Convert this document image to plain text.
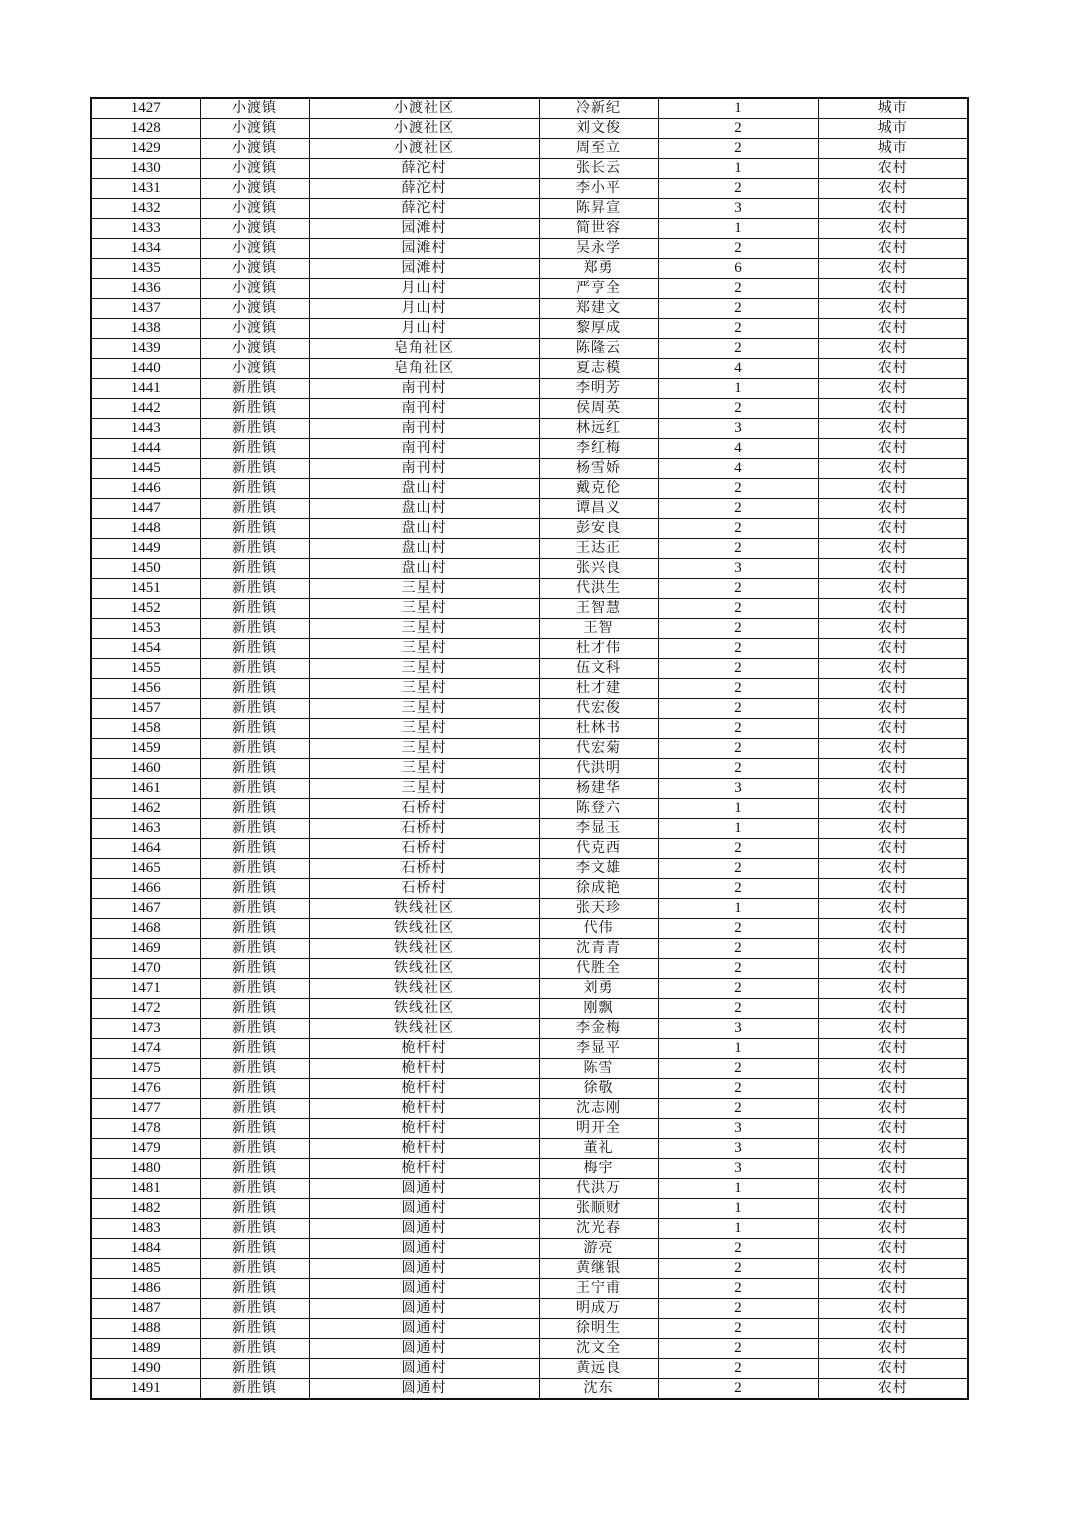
1427	小渡镇	小渡社区	冷新纪	1	城市
1428	小渡镇	小渡社区	刘文俊	2	城市
1429	小渡镇	小渡社区	周至立	2	城市
1430	小渡镇	薛沱村	张长云	1	农村
1431	小渡镇	薛沱村	李小平	2	农村
1432	小渡镇	薛沱村	陈昇宣	3	农村
1433	小渡镇	园滩村	简世容	1	农村
1434	小渡镇	园滩村	吴永学	2	农村
1435	小渡镇	园滩村	郑勇	6	农村
1436	小渡镇	月山村	严亨全	2	农村
1437	小渡镇	月山村	郑建文	2	农村
1438	小渡镇	月山村	黎厚成	2	农村
1439	小渡镇	皂角社区	陈隆云	2	农村
1440	小渡镇	皂角社区	夏志模	4	农村
1441	新胜镇	南刊村	李明芳	1	农村
1442	新胜镇	南刊村	侯周英	2	农村
1443	新胜镇	南刊村	林远红	3	农村
1444	新胜镇	南刊村	李红梅	4	农村
1445	新胜镇	南刊村	杨雪娇	4	农村
1446	新胜镇	盘山村	戴克伦	2	农村
1447	新胜镇	盘山村	谭昌义	2	农村
1448	新胜镇	盘山村	彭安良	2	农村
1449	新胜镇	盘山村	王达正	2	农村
1450	新胜镇	盘山村	张兴良	3	农村
1451	新胜镇	三星村	代洪生	2	农村
1452	新胜镇	三星村	王智慧	2	农村
1453	新胜镇	三星村	王智	2	农村
1454	新胜镇	三星村	杜才伟	2	农村
1455	新胜镇	三星村	伍文科	2	农村
1456	新胜镇	三星村	杜才建	2	农村
1457	新胜镇	三星村	代宏俊	2	农村
1458	新胜镇	三星村	杜林书	2	农村
1459	新胜镇	三星村	代宏菊	2	农村
1460	新胜镇	三星村	代洪明	2	农村
1461	新胜镇	三星村	杨建华	3	农村
1462	新胜镇	石桥村	陈登六	1	农村
1463	新胜镇	石桥村	李显玉	1	农村
1464	新胜镇	石桥村	代克西	2	农村
1465	新胜镇	石桥村	李文雄	2	农村
1466	新胜镇	石桥村	徐成艳	2	农村
1467	新胜镇	铁线社区	张天珍	1	农村
1468	新胜镇	铁线社区	代伟	2	农村
1469	新胜镇	铁线社区	沈青青	2	农村
1470	新胜镇	铁线社区	代胜全	2	农村
1471	新胜镇	铁线社区	刘勇	2	农村
1472	新胜镇	铁线社区	刚飘	2	农村
1473	新胜镇	铁线社区	李金梅	3	农村
1474	新胜镇	桅杆村	李显平	1	农村
1475	新胜镇	桅杆村	陈雪	2	农村
1476	新胜镇	桅杆村	徐敬	2	农村
1477	新胜镇	桅杆村	沈志刚	2	农村
1478	新胜镇	桅杆村	明开全	3	农村
1479	新胜镇	桅杆村	董礼	3	农村
1480	新胜镇	桅杆村	梅宇	3	农村
1481	新胜镇	圆通村	代洪万	1	农村
1482	新胜镇	圆通村	张顺财	1	农村
1483	新胜镇	圆通村	沈光春	1	农村
1484	新胜镇	圆通村	游亮	2	农村
1485	新胜镇	圆通村	黄继银	2	农村
1486	新胜镇	圆通村	王宁甫	2	农村
1487	新胜镇	圆通村	明成万	2	农村
1488	新胜镇	圆通村	徐明生	2	农村
1489	新胜镇	圆通村	沈文全	2	农村
1490	新胜镇	圆通村	黄远良	2	农村
1491	新胜镇	圆通村	沈东	2	农村
